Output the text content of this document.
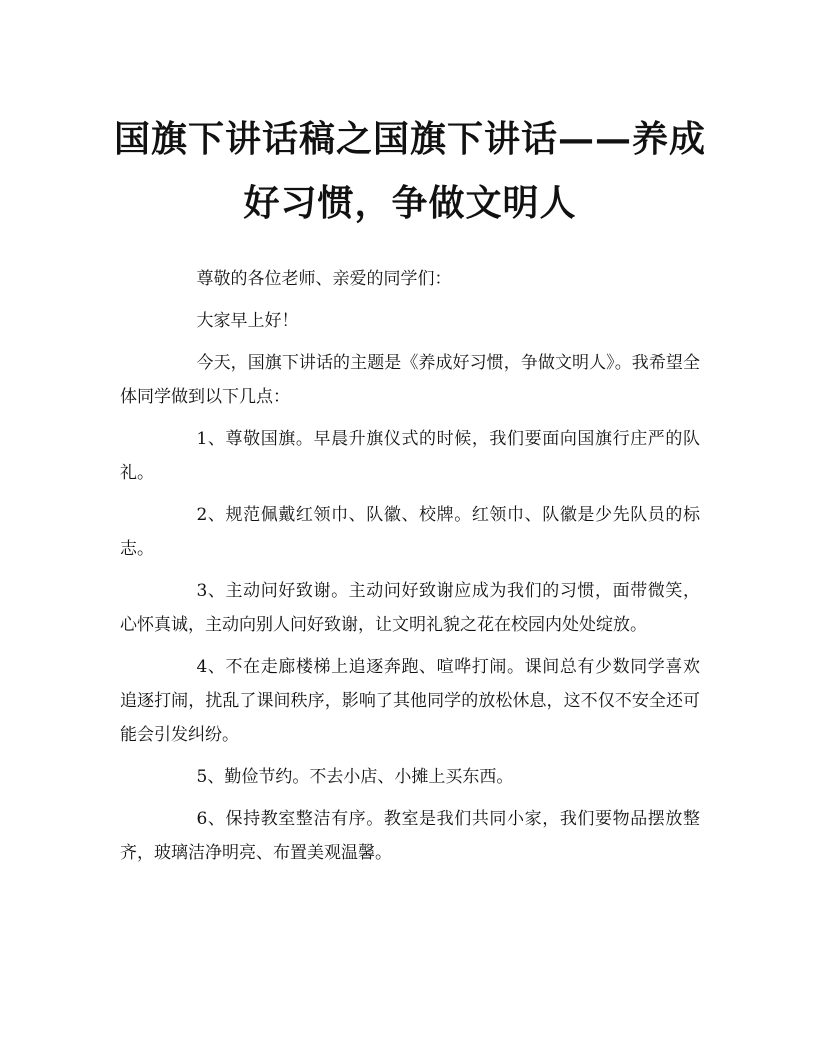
国旗下讲话稿之国旗下讲话——养成好习惯，争做文明人

尊敬的各位老师、亲爱的同学们：

大家早上好！

今天，国旗下讲话的主题是《养成好习惯，争做文明人》。我希望全体同学做到以下几点：

1、尊敬国旗。早晨升旗仪式的时候，我们要面向国旗行庄严的队礼。

2、规范佩戴红领巾、队徽、校牌。红领巾、队徽是少先队员的标志。

3、主动问好致谢。主动问好致谢应成为我们的习惯，面带微笑，心怀真诚，主动向别人问好致谢，让文明礼貌之花在校园内处处绽放。

4、不在走廊楼梯上追逐奔跑、喧哗打闹。课间总有少数同学喜欢追逐打闹，扰乱了课间秩序，影响了其他同学的放松休息，这不仅不安全还可能会引发纠纷。

5、勤俭节约。不去小店、小摊上买东西。

6、保持教室整洁有序。教室是我们共同小家，我们要物品摆放整齐，玻璃洁净明亮、布置美观温馨。
